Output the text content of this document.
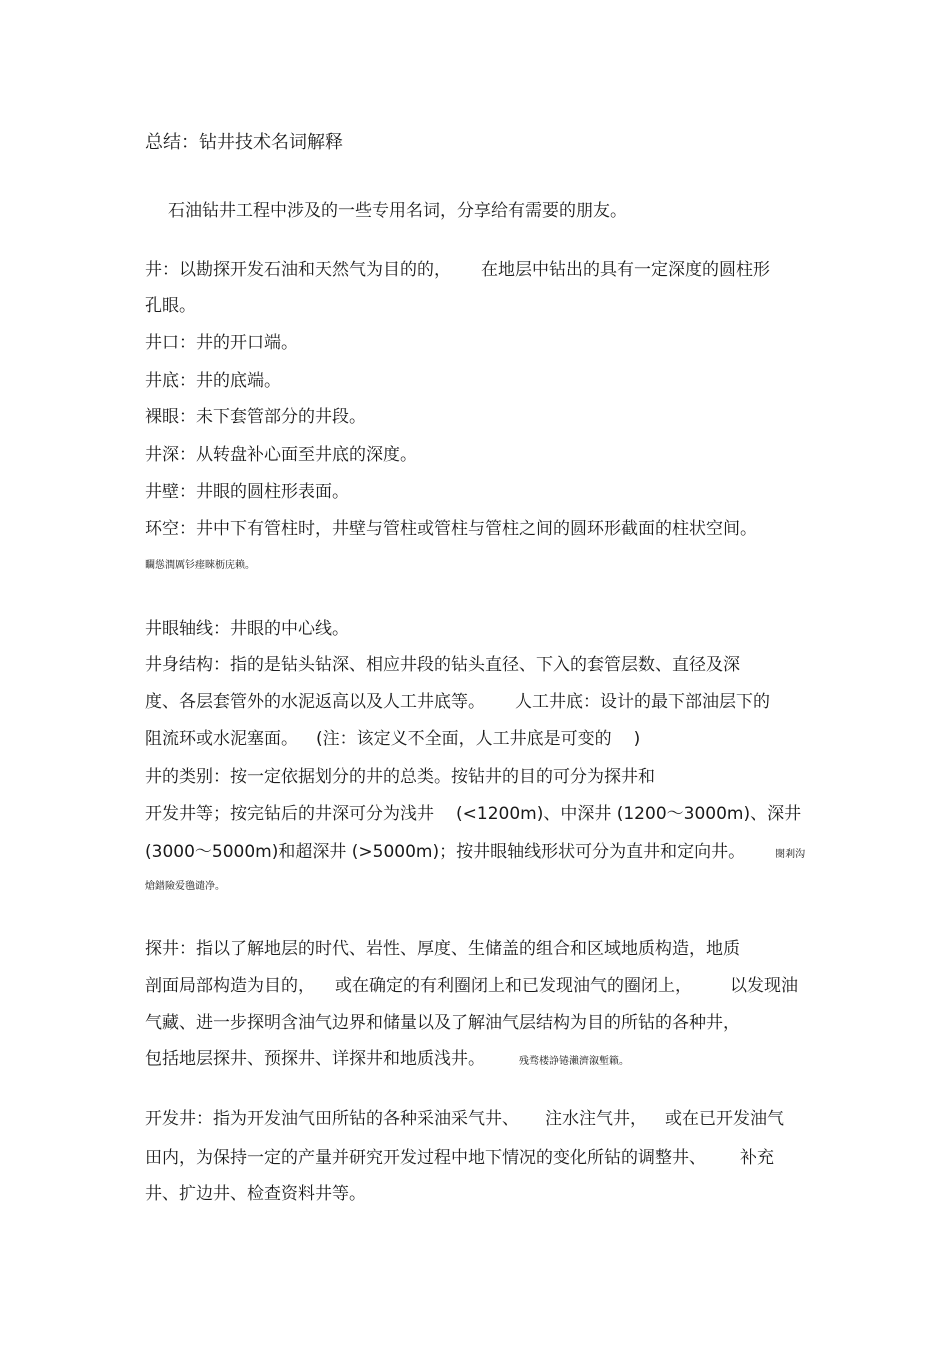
总结：钻井技术名词解释

石油钻井工程中涉及的一些专用名词，分享给有需要的朋友。

井：以勘探开发石油和天然气为目的的， 在地层中钻出的具有一定深度的圆柱形

孔眼。

井口：井的开口端。

井底：井的底端。

裸眼：未下套管部分的井段。

井深：从转盘补心面至井底的深度。

井壁：井眼的圆柱形表面。

环空：井中下有管柱时，井壁与管柱或管柱与管柱之间的圆环形截面的柱状空间。

矙慫潤厲钐瘗睞枥庑赖。

井眼轴线：井眼的中心线。

井身结构：指的是钻头钻深、相应井段的钻头直径、下入的套管层数、直径及深

度、各层套管外的水泥返高以及人工井底等。 人工井底：设计的最下部油层下的

阻流环或水泥塞面。 (注：该定义不全面，人工井底是可变的 )

井的类别：按一定依据划分的井的总类。按钻井的目的可分为探井和

开发井等；按完钻后的井深可分为浅井 (<1200m)、中深井 (1200～3000m)、深井

(3000～5000m)和超深井 (>5000m)；按井眼轴线形状可分为直井和定向井。	閿剎沟

熗鐠險爱氇谴净。

探井：指以了解地层的时代、岩性、厚度、生储盖的组合和区域地质构造，地质

剖面局部构造为目的， 或在确定的有利圈闭上和已发现油气的圈闭上， 以发现油

气藏、进一步探明含油气边界和储量以及了解油气层结构为目的所钻的各种井，

包括地层探井、预探井、详探井和地质浅井。	残骛楼諍锩瀨濟溆塹籟。

开发井：指为开发油气田所钻的各种采油采气井、 注水注气井， 或在已开发油气

田内，为保持一定的产量并研究开发过程中地下情况的变化所钻的调整井、 补充

井、扩边井、检查资料井等。
